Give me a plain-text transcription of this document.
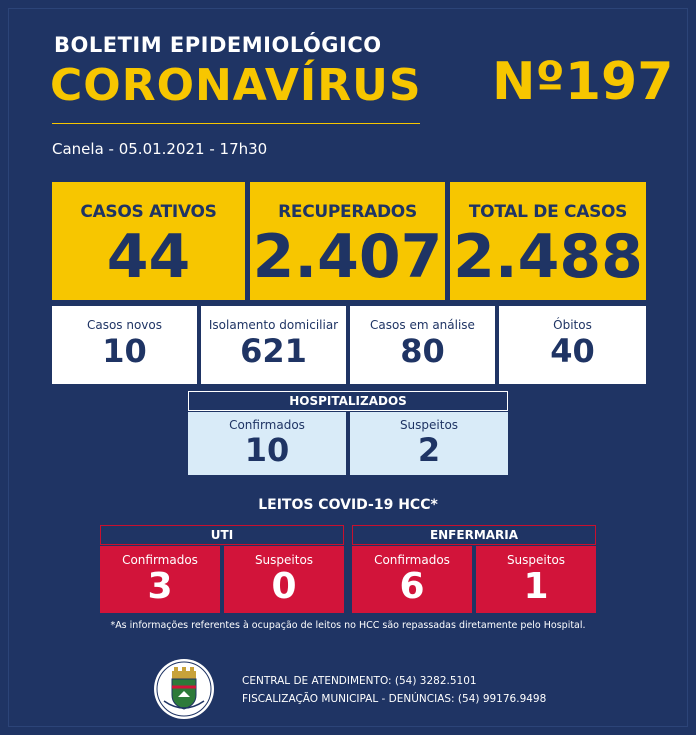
BOLETIM EPIDEMIOLÓGICO
CORONAVÍRUS Nº197
Canela - 05.01.2021 - 17h30
CASOS ATIVOS
44
RECUPERADOS
2.407
TOTAL DE CASOS
2.488
Casos novos
10
Isolamento domiciliar
621
Casos em análise
80
Óbitos
40
HOSPITALIZADOS
Confirmados
10
Suspeitos
2
LEITOS COVID-19 HCC*
UTI
Confirmados
3
Suspeitos
0
ENFERMARIA
Confirmados
6
Suspeitos
1
*As informações referentes à ocupação de leitos no HCC são repassadas diretamente pelo Hospital.
CENTRAL DE ATENDIMENTO: (54) 3282.5101
FISCALIZAÇÃO MUNICIPAL - DENÚNCIAS: (54) 99176.9498
